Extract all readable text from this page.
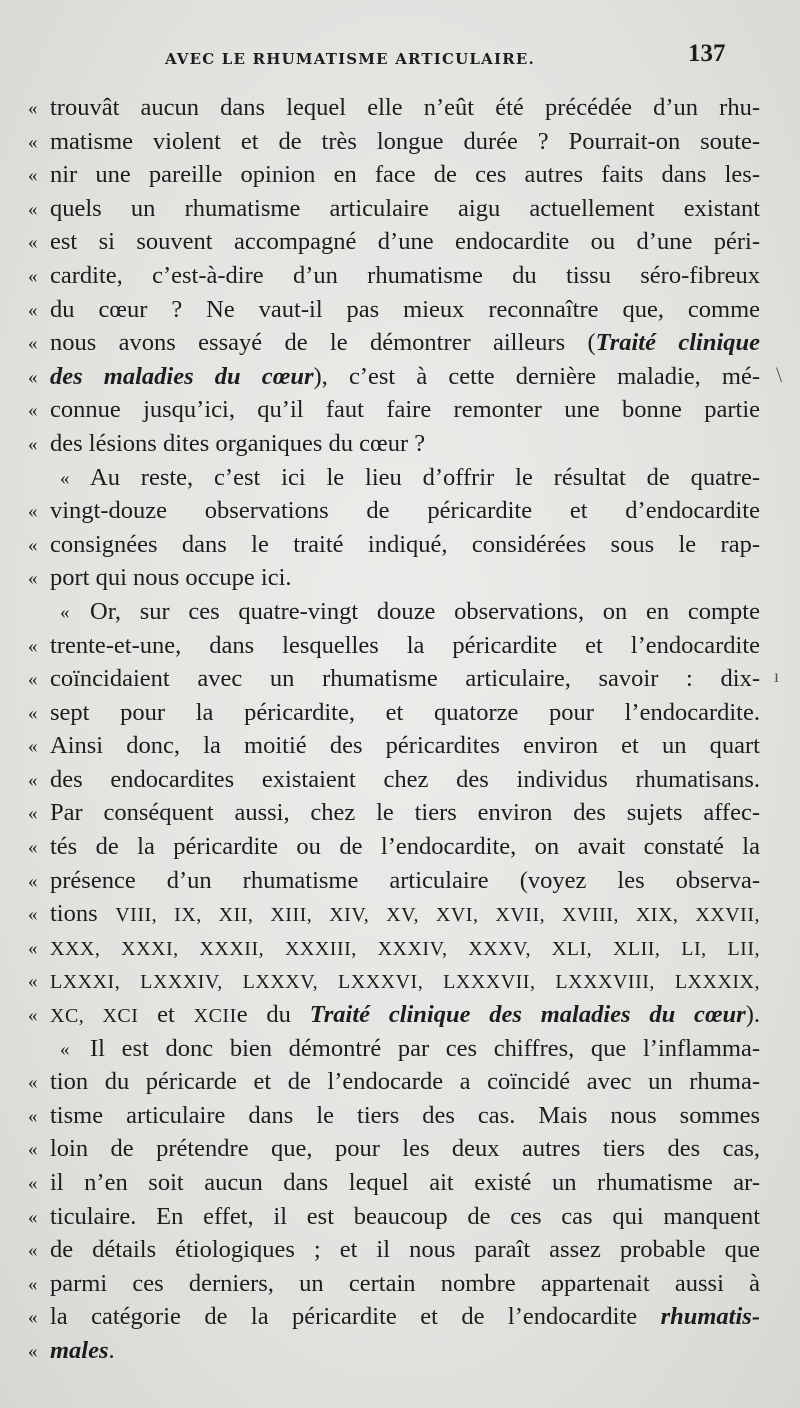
AVEC LE RHUMATISME ARTICULAIRE.	137
« trouvât aucun dans lequel elle n’eût été précédée d’un rhu-
« matisme violent et de très longue durée ? Pourrait-on soute-
« nir une pareille opinion en face de ces autres faits dans les-
« quels un rhumatisme articulaire aigu actuellement existant
« est si souvent accompagné d’une endocardite ou d’une péri-
« cardite, c’est-à-dire d’un rhumatisme du tissu séro-fibreux
« du cœur ? Ne vaut-il pas mieux reconnaître que, comme
« nous avons essayé de le démontrer ailleurs (Traité clinique
« des maladies du cœur), c’est à cette dernière maladie, mé-
« connue jusqu’ici, qu’il faut faire remonter une bonne partie
« des lésions dites organiques du cœur ?
« Au reste, c’est ici le lieu d’offrir le résultat de quatre-
« vingt-douze observations de péricardite et d’endocardite
« consignées dans le traité indiqué, considérées sous le rap-
« port qui nous occupe ici.
« Or, sur ces quatre-vingt douze observations, on en compte
« trente-et-une, dans lesquelles la péricardite et l’endocardite
« coïncidaient avec un rhumatisme articulaire, savoir : dix-
« sept pour la péricardite, et quatorze pour l’endocardite.
« Ainsi donc, la moitié des péricardites environ et un quart
« des endocardites existaient chez des individus rhumatisans.
« Par conséquent aussi, chez le tiers environ des sujets affec-
« tés de la péricardite ou de l’endocardite, on avait constaté la
« présence d’un rhumatisme articulaire (voyez les observa-
« tions VIII, IX, XII, XIII, XIV, XV, XVI, XVII, XVIII, XIX, XXVII,
« XXX, XXXI, XXXII, XXXIII, XXXIV, XXXV, XLI, XLII, LI, LII,
« LXXXI, LXXXIV, LXXXV, LXXXVI, LXXXVII, LXXXVIII, LXXXIX,
« XC, XCI et XCIIe du Traité clinique des maladies du cœur).
« Il est donc bien démontré par ces chiffres, que l’inflamma-
« tion du péricarde et de l’endocarde a coïncidé avec un rhuma-
« tisme articulaire dans le tiers des cas. Mais nous sommes
« loin de prétendre que, pour les deux autres tiers des cas,
« il n’en soit aucun dans lequel ait existé un rhumatisme ar-
« ticulaire. En effet, il est beaucoup de ces cas qui manquent
« de détails étiologiques ; et il nous paraît assez probable que
« parmi ces derniers, un certain nombre appartenait aussi à
« la catégorie de la péricardite et de l’endocardite rhumatis-
« males.
\
ı
